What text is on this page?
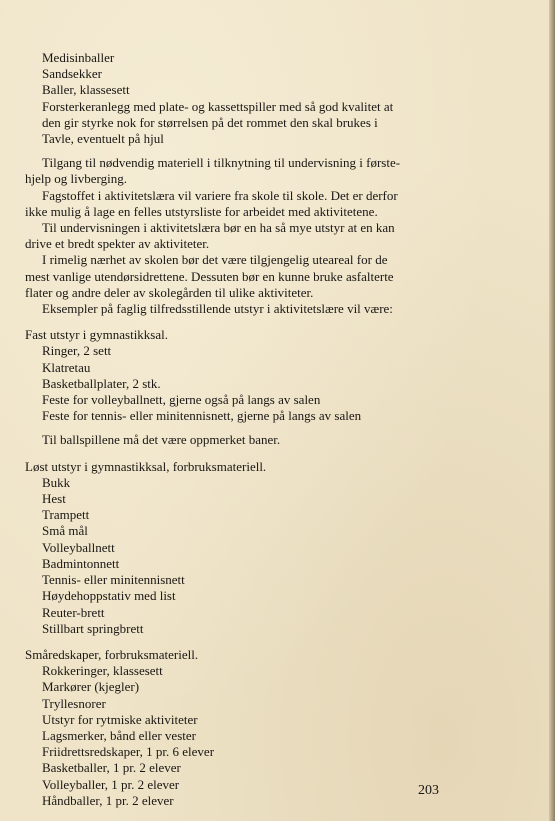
Medisinballer
Sandsekker
Baller, klassesett
Forsterkeranlegg med plate- og kassettspiller med så god kvalitet at
den gir styrke nok for størrelsen på det rommet den skal brukes i
Tavle, eventuelt på hjul
Tilgang til nødvendig materiell i tilknytning til undervisning i første-
hjelp og livberging.
Fagstoffet i aktivitetslæra vil variere fra skole til skole. Det er derfor
ikke mulig å lage en felles utstyrsliste for arbeidet med aktivitetene.
Til undervisningen i aktivitetslæra bør en ha så mye utstyr at en kan
drive et bredt spekter av aktiviteter.
I rimelig nærhet av skolen bør det være tilgjengelig uteareal for de
mest vanlige utendørsidrettene. Dessuten bør en kunne bruke asfalterte
flater og andre deler av skolegården til ulike aktiviteter.
Eksempler på faglig tilfredsstillende utstyr i aktivitetslære vil være:
Fast utstyr i gymnastikksal.
Ringer, 2 sett
Klatretau
Basketballplater, 2 stk.
Feste for volleyballnett, gjerne også på langs av salen
Feste for tennis- eller minitennisnett, gjerne på langs av salen
Til ballspillene må det være oppmerket baner.
Løst utstyr i gymnastikksal, forbruksmateriell.
Bukk
Hest
Trampett
Små mål
Volleyballnett
Badmintonnett
Tennis- eller minitennisnett
Høydehoppstativ med list
Reuter-brett
Stillbart springbrett
Småredskaper, forbruksmateriell.
Rokkeringer, klassesett
Markører (kjegler)
Tryllesnorer
Utstyr for rytmiske aktiviteter
Lagsmerker, bånd eller vester
Friidrettsredskaper, 1 pr. 6 elever
Basketballer, 1 pr. 2 elever
Volleyballer, 1 pr. 2 elever
Håndballer, 1 pr. 2 elever
203
